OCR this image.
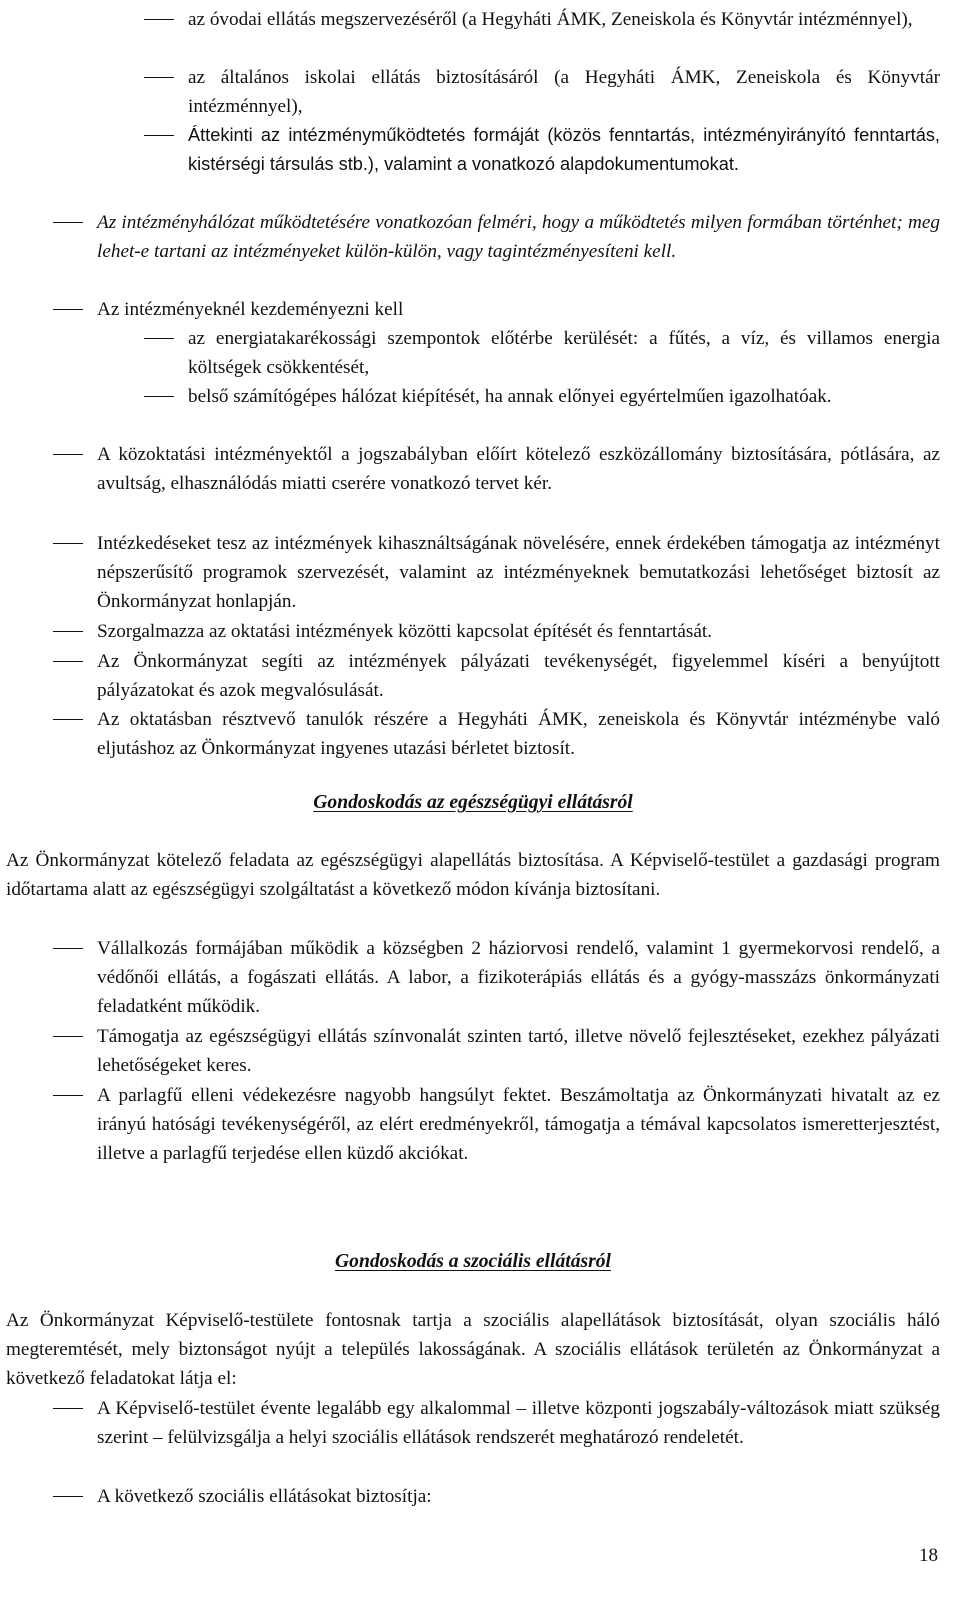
az óvodai ellátás megszervezéséről (a Hegyháti ÁMK, Zeneiskola és Könyvtár intézménnyel),
az általános iskolai ellátás biztosításáról (a Hegyháti ÁMK, Zeneiskola és Könyvtár intézménnyel),
Áttekinti az intézményműködtetés formáját (közös fenntartás, intézményirányító fenntartás, kistérségi társulás stb.), valamint a vonatkozó alapdokumentumokat.
Az intézményhálózat működtetésére vonatkozóan felméri, hogy a működtetés milyen formában történhet; meg lehet-e tartani az intézményeket külön-külön, vagy tagintézményesíteni kell.
Az intézményeknél kezdeményezni kell
az energiatakarékossági szempontok előtérbe kerülését: a fűtés, a víz, és villamos energia költségek csökkentését,
belső számítógépes hálózat kiépítését, ha annak előnyei egyértelműen igazolhatóak.
A közoktatási intézményektől a jogszabályban előírt kötelező eszközállomány biztosítására, pótlására, az avultság, elhasználódás miatti cserére vonatkozó tervet kér.
Intézkedéseket tesz az intézmények kihasználtságának növelésére, ennek érdekében támogatja az intézményt népszerűsítő programok szervezését, valamint az intézményeknek bemutatkozási lehetőséget biztosít az Önkormányzat honlapján.
Szorgalmazza az oktatási intézmények közötti kapcsolat építését és fenntartását.
Az Önkormányzat segíti az intézmények pályázati tevékenységét, figyelemmel kíséri a benyújtott pályázatokat és azok megvalósulását.
Az oktatásban résztvevő tanulók részére a Hegyháti ÁMK, zeneiskola és Könyvtár intézménybe való eljutáshoz az Önkormányzat ingyenes utazási bérletet biztosít.
Gondoskodás az egészségügyi ellátásról
Az Önkormányzat kötelező feladata az egészségügyi alapellátás biztosítása. A Képviselő-testület a gazdasági program időtartama alatt az egészségügyi szolgáltatást a következő módon kívánja biztosítani.
Vállalkozás formájában működik a községben 2 háziorvosi rendelő, valamint 1 gyermekorvosi rendelő, a védőnői ellátás, a fogászati ellátás. A labor, a fizikoterápiás ellátás és a gyógy-masszázs önkormányzati feladatként működik.
Támogatja az egészségügyi ellátás színvonalát szinten tartó, illetve növelő fejlesztéseket, ezekhez pályázati lehetőségeket keres.
A parlagfű elleni védekezésre nagyobb hangsúlyt fektet. Beszámoltatja az Önkormányzati hivatalt az ez irányú hatósági tevékenységéről, az elért eredményekről, támogatja a témával kapcsolatos ismeretterjesztést, illetve a parlagfű terjedése ellen küzdő akciókat.
Gondoskodás a szociális ellátásról
Az Önkormányzat Képviselő-testülete fontosnak tartja a szociális alapellátások biztosítását, olyan szociális háló megteremtését, mely biztonságot nyújt a település lakosságának. A szociális ellátások területén az Önkormányzat a következő feladatokat látja el:
A Képviselő-testület évente legalább egy alkalommal – illetve központi jogszabály-változások miatt szükség szerint – felülvizsgálja a helyi szociális ellátások rendszerét meghatározó rendeletét.
A következő szociális ellátásokat biztosítja:
18
